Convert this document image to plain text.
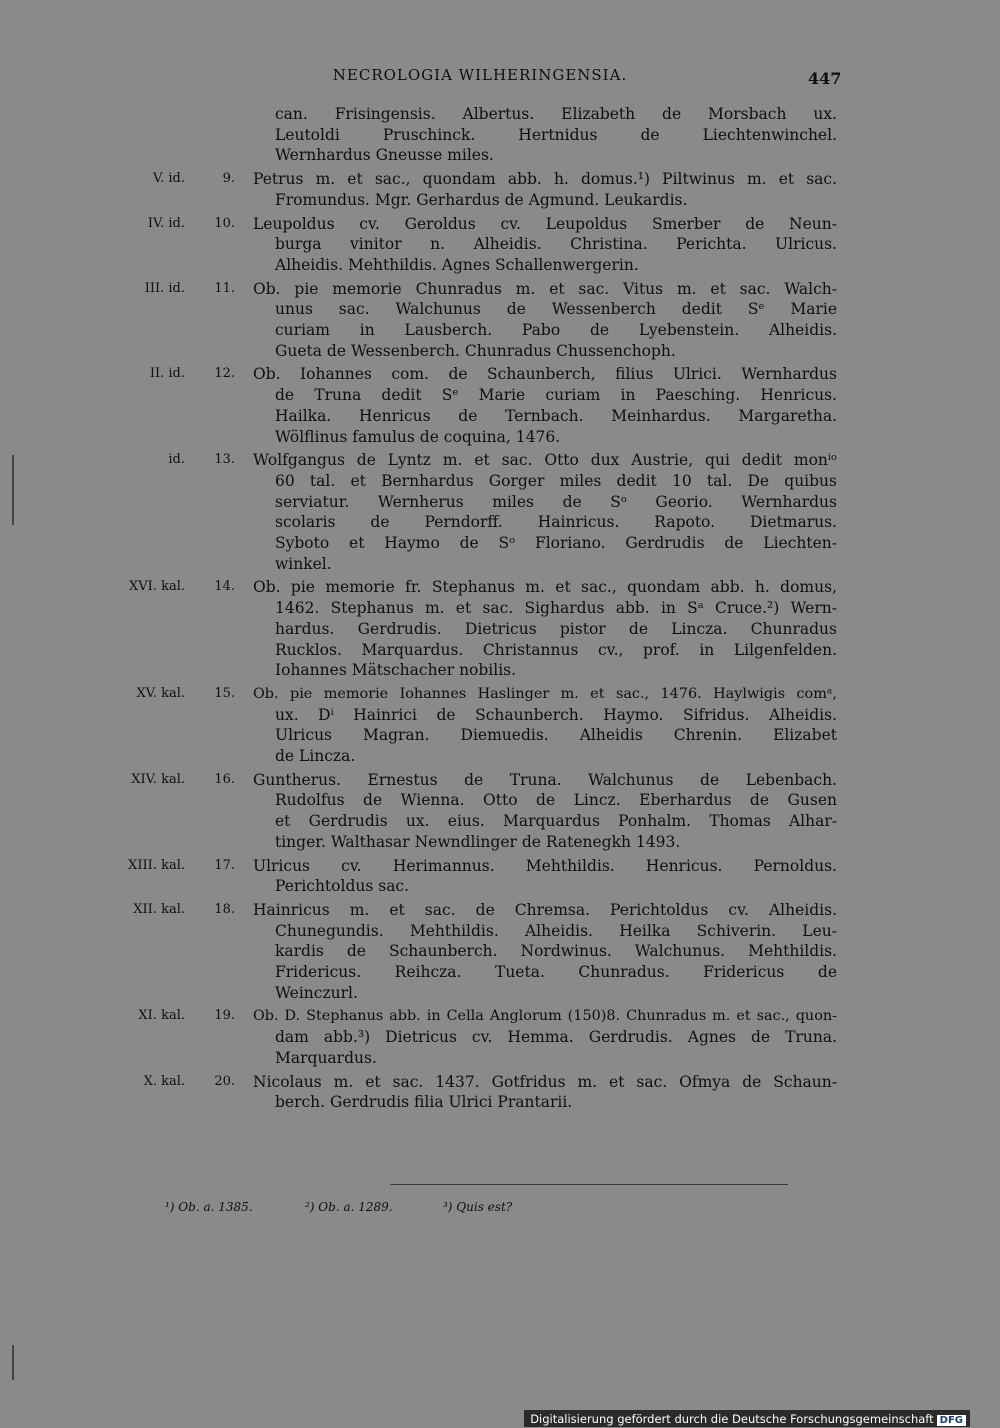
NECROLOGIA WILHERINGENSIA.	447
can. Frisingensis. Albertus. Elizabeth de Morsbach ux.
Leutoldi Pruschinck. Hertnidus de Liechtenwinchel.
Wernhardus Gneusse miles.
V. id.	9. Petrus m. et sac., quondam abb. h. domus.¹) Piltwinus m. et sac.
Fromundus. Mgr. Gerhardus de Agmund. Leukardis.
IV. id.	10. Leupoldus cv. Geroldus cv. Leupoldus Smerber de Neun-
burga vinitor n. Alheidis. Christina. Perichta. Ulricus.
Alheidis. Mehthildis. Agnes Schallenwergerin.
III. id.	11. Ob. pie memorie Chunradus m. et sac. Vitus m. et sac. Walch-
unus sac. Walchunus de Wessenberch dedit Sᵉ Marie
curiam in Lausberch. Pabo de Lyebenstein. Alheidis.
Gueta de Wessenberch. Chunradus Chussenchoph.
II. id.	12. Ob. Iohannes com. de Schaunberch, filius Ulrici. Wernhardus
de Truna dedit Sᵉ Marie curiam in Paesching. Henricus.
Hailka. Henricus de Ternbach. Meinhardus. Margaretha.
Wölflinus famulus de coquina, 1476.
id.	13. Wolfgangus de Lyntz m. et sac. Otto dux Austrie, qui dedit monⁱᵒ
60 tal. et Bernhardus Gorger miles dedit 10 tal. De quibus
serviatur. Wernherus miles de Sᵒ Georio. Wernhardus
scolaris de Perndorff. Hainricus. Rapoto. Dietmarus.
Syboto et Haymo de Sᵒ Floriano. Gerdrudis de Liechten-
winkel.
XVI. kal.	14. Ob. pie memorie fr. Stephanus m. et sac., quondam abb. h. domus,
1462. Stephanus m. et sac. Sighardus abb. in Sᵃ Cruce.²) Wern-
hardus. Gerdrudis. Dietricus pistor de Lincza. Chunradus
Rucklos. Marquardus. Christannus cv., prof. in Lilgenfelden.
Iohannes Mätschacher nobilis.
XV. kal.	15. Ob. pie memorie Iohannes Haslinger m. et sac., 1476. Haylwigis comᵃ,
ux. Dⁱ Hainrici de Schaunberch. Haymo. Sifridus. Alheidis.
Ulricus Magran. Diemuedis. Alheidis Chrenin. Elizabet
de Lincza.
XIV. kal.	16. Guntherus. Ernestus de Truna. Walchunus de Lebenbach.
Rudolfus de Wienna. Otto de Lincz. Eberhardus de Gusen
et Gerdrudis ux. eius. Marquardus Ponhalm. Thomas Alhar-
tinger. Walthasar Newndlinger de Ratenegkh 1493.
XIII. kal.	17. Ulricus cv. Herimannus. Mehthildis. Henricus. Pernoldus.
Perichtoldus sac.
XII. kal.	18. Hainricus m. et sac. de Chremsa. Perichtoldus cv. Alheidis.
Chunegundis. Mehthildis. Alheidis. Heilka Schiverin. Leu-
kardis de Schaunberch. Nordwinus. Walchunus. Mehthildis.
Fridericus. Reihcza. Tueta. Chunradus. Fridericus de
Weinczurl.
XI. kal.	19. Ob. D. Stephanus abb. in Cella Anglorum (150)8. Chunradus m. et sac., quon-
dam abb.³) Dietricus cv. Hemma. Gerdrudis. Agnes de Truna.
Marquardus.
X. kal.	20. Nicolaus m. et sac. 1437. Gotfridus m. et sac. Ofmya de Schaun-
berch. Gerdrudis filia Ulrici Prantarii.
¹) Ob. a. 1385.	²) Ob. a. 1289.	³) Quis est?
Digitalisierung gefördert durch die Deutsche Forschungsgemeinschaft DFG
